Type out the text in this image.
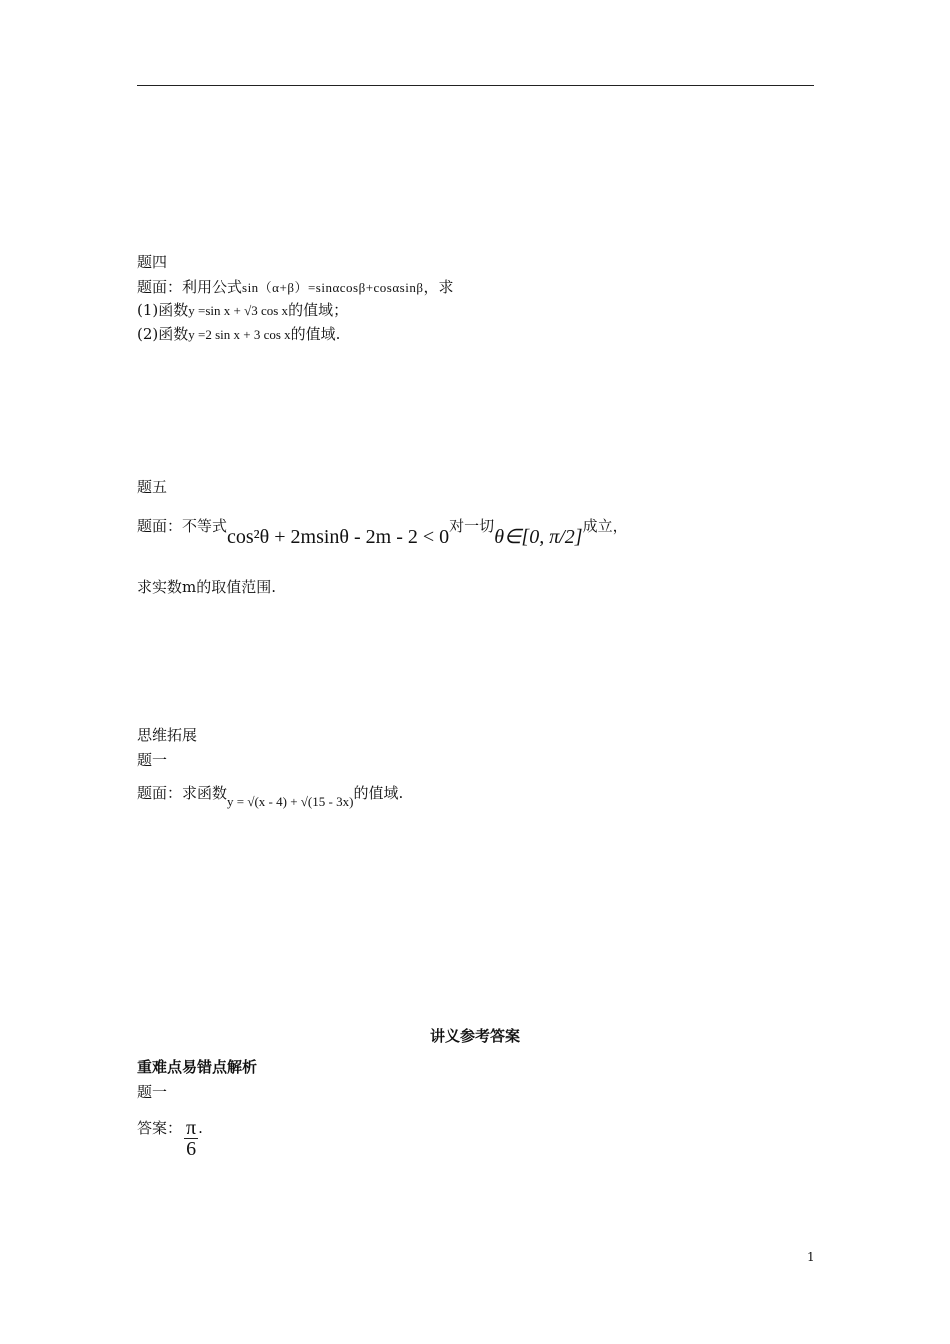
题四
题面：利用公式sin（α+β）=sinαcosβ+cosαsinβ，求
(1)函数y =sin x + √3 cos x的值域；
(2)函数y =2 sin x + 3 cos x的值域.
题五
题面：不等式cos²θ + 2msinθ - 2m - 2 < 0对一切θ∈[0, π/2]成立，
求实数m的取值范围.
思维拓展
题一
题面：求函数y = √(x - 4) + √(15 - 3x)的值域.
讲义参考答案
重难点易错点解析
题一
答案： $\frac{\pi}{6}$ .
1
